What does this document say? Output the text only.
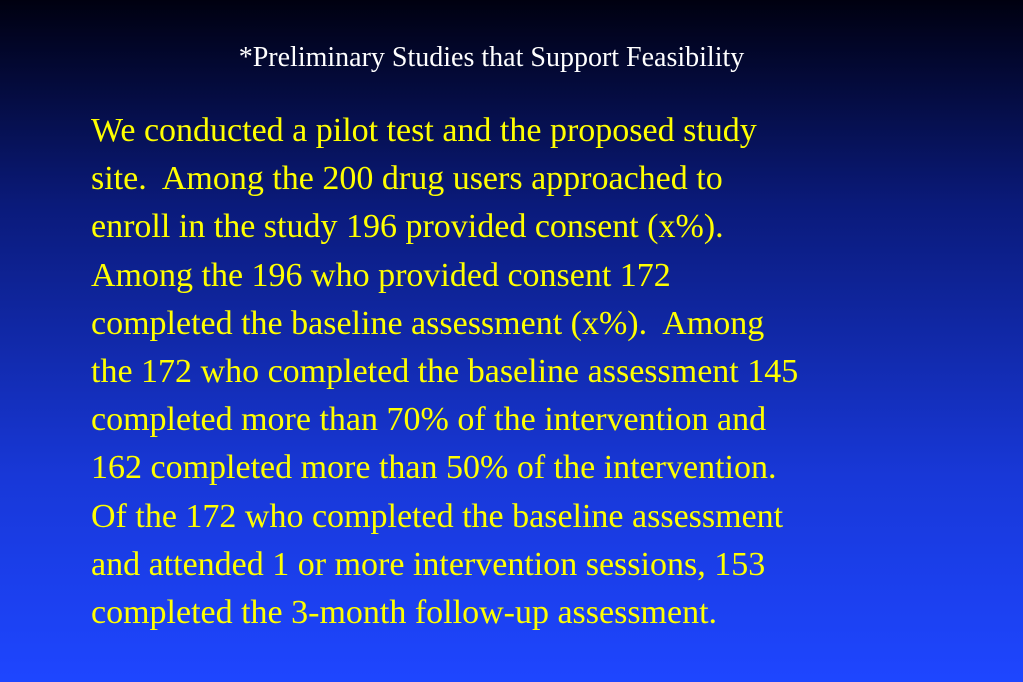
*Preliminary Studies that Support Feasibility
We conducted a pilot test and the proposed study
site.  Among the 200 drug users approached to
enroll in the study 196 provided consent (x%).
Among the 196 who provided consent 172
completed the baseline assessment (x%).  Among
the 172 who completed the baseline assessment 145
completed more than 70% of the intervention and
162 completed more than 50% of the intervention.
Of the 172 who completed the baseline assessment
and attended 1 or more intervention sessions, 153
completed the 3-month follow-up assessment.
